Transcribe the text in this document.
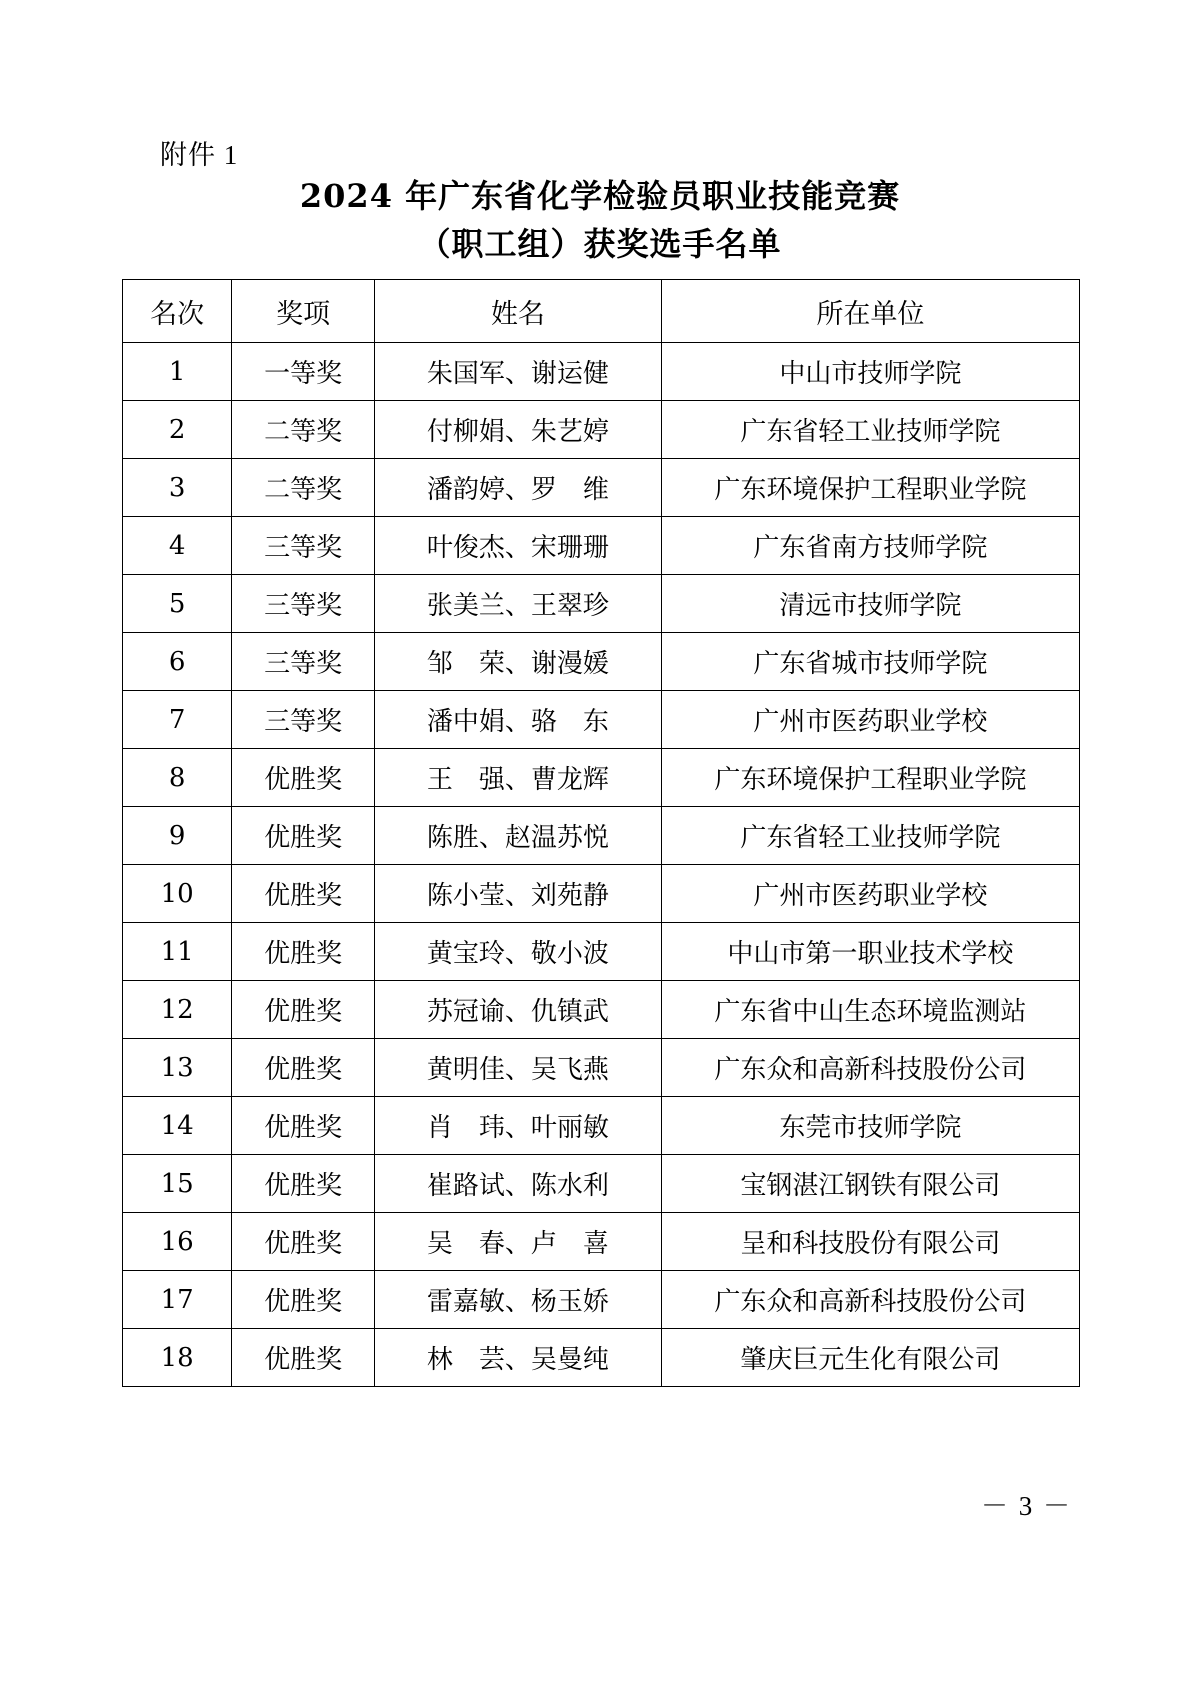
附件 1
2024 年广东省化学检验员职业技能竞赛
（职工组）获奖选手名单
名次	奖项	姓名	所在单位
1	一等奖	朱国军、谢运健	中山市技师学院
2	二等奖	付柳娟、朱艺婷	广东省轻工业技师学院
3	二等奖	潘韵婷、罗　维	广东环境保护工程职业学院
4	三等奖	叶俊杰、宋珊珊	广东省南方技师学院
5	三等奖	张美兰、王翠珍	清远市技师学院
6	三等奖	邹　荣、谢漫媛	广东省城市技师学院
7	三等奖	潘中娟、骆　东	广州市医药职业学校
8	优胜奖	王　强、曹龙辉	广东环境保护工程职业学院
9	优胜奖	陈胜、赵温苏悦	广东省轻工业技师学院
10	优胜奖	陈小莹、刘苑静	广州市医药职业学校
11	优胜奖	黄宝玲、敬小波	中山市第一职业技术学校
12	优胜奖	苏冠谕、仇镇武	广东省中山生态环境监测站
13	优胜奖	黄明佳、吴飞燕	广东众和高新科技股份公司
14	优胜奖	肖　玮、叶丽敏	东莞市技师学院
15	优胜奖	崔路试、陈水利	宝钢湛江钢铁有限公司
16	优胜奖	吴　春、卢　喜	呈和科技股份有限公司
17	优胜奖	雷嘉敏、杨玉娇	广东众和高新科技股份公司
18	优胜奖	林　芸、吴曼纯	肇庆巨元生化有限公司
－ 3 －
